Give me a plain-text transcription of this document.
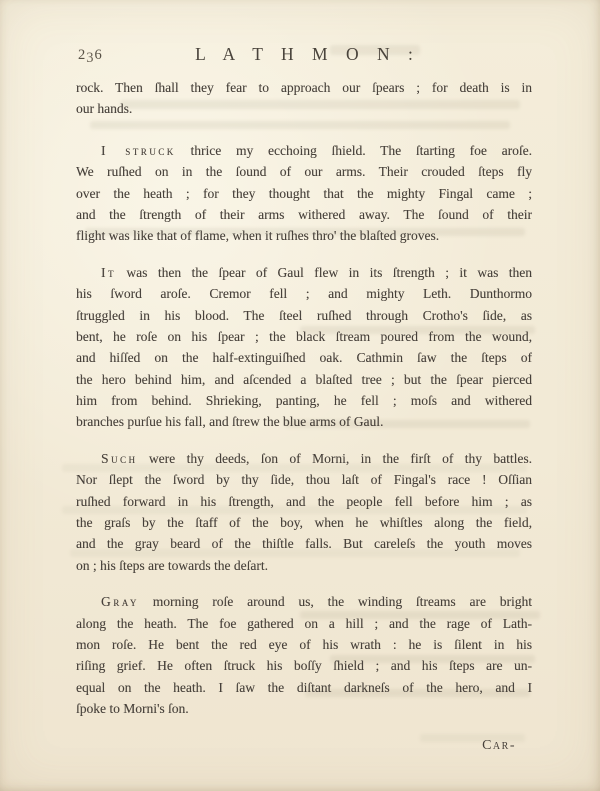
236	L A T H M O N :
rock. Then ſhall they fear to approach our ſpears ; for death is in
our hands.
I struck thrice my ecchoing ſhield. The ſtarting foe aroſe.
We ruſhed on in the ſound of our arms. Their crouded ſteps fly
over the heath ; for they thought that the mighty Fingal came ;
and the ſtrength of their arms withered away. The ſound of their
flight was like that of flame, when it ruſhes thro' the blaſted groves.
It was then the ſpear of Gaul flew in its ſtrength ; it was then
his ſword aroſe. Cremor fell ; and mighty Leth. Dunthormo
ſtruggled in his blood. The ſteel ruſhed through Crotho's ſide, as
bent, he roſe on his ſpear ; the black ſtream poured from the wound,
and hiſſed on the half-extinguiſhed oak. Cathmin ſaw the ſteps of
the hero behind him, and aſcended a blaſted tree ; but the ſpear pierced
him from behind. Shrieking, panting, he fell ; moſs and withered
branches purſue his fall, and ſtrew the blue arms of Gaul.
Such were thy deeds, ſon of Morni, in the firſt of thy battles.
Nor ſlept the ſword by thy ſide, thou laſt of Fingal's race ! Oſſian
ruſhed forward in his ſtrength, and the people fell before him ; as
the graſs by the ſtaff of the boy, when he whiſtles along the field,
and the gray beard of the thiſtle falls. But careleſs the youth moves
on ; his ſteps are towards the deſart.
Gray morning roſe around us, the winding ſtreams are bright
along the heath. The foe gathered on a hill ; and the rage of Lath-
mon roſe. He bent the red eye of his wrath : he is ſilent in his
riſing grief. He often ſtruck his boſſy ſhield ; and his ſteps are un-
equal on the heath. I ſaw the diſtant darkneſs of the hero, and I
ſpoke to Morni's ſon.
Car-
